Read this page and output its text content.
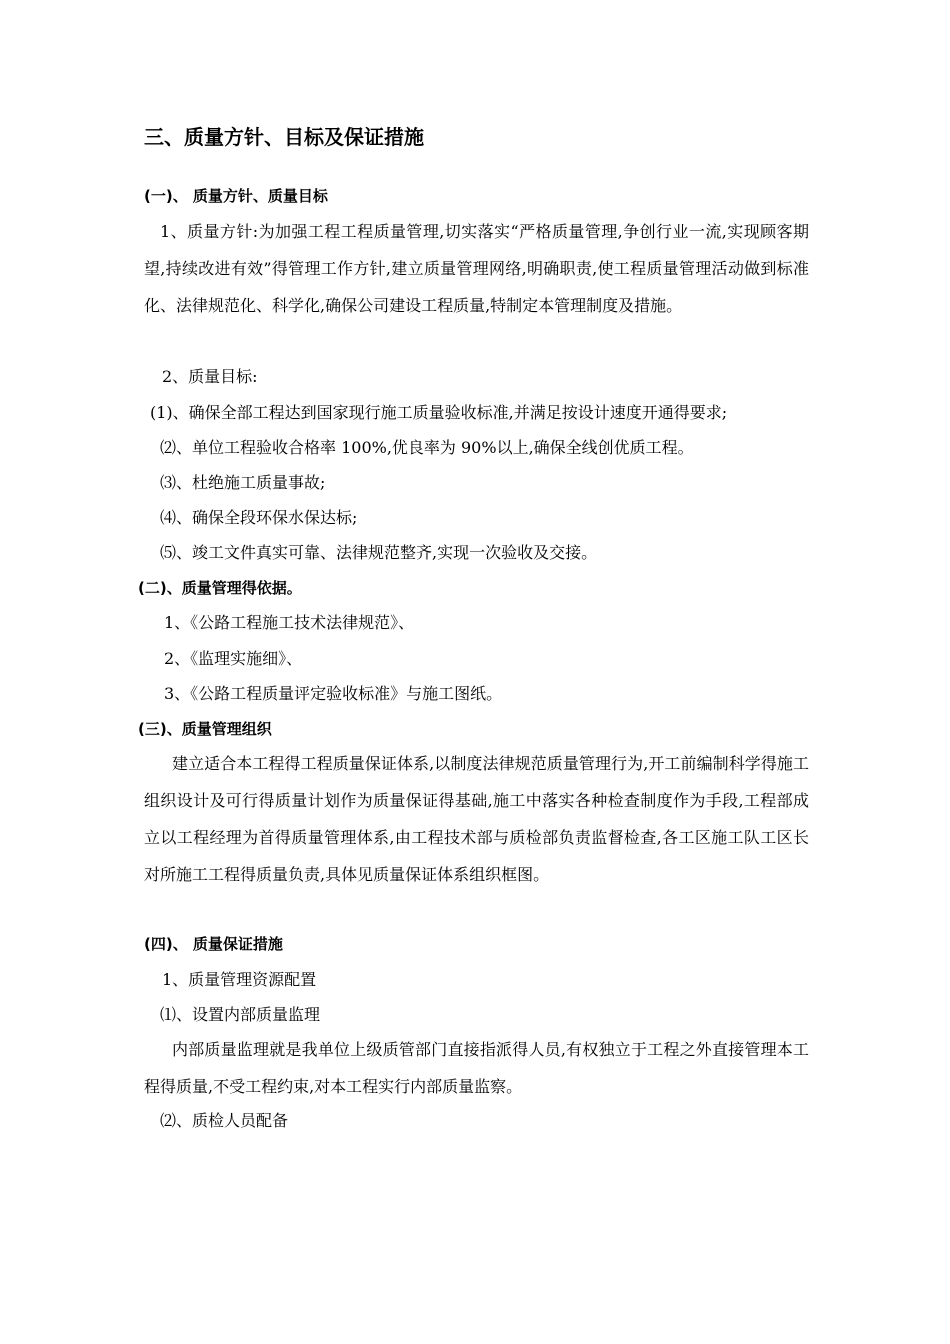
三、质量方针、目标及保证措施
(一)、 质量方针、质量目标
1、质量方针:为加强工程工程质量管理,切实落实“严格质量管理,争创行业一流,实现顾客期望,持续改进有效”得管理工作方针,建立质量管理网络,明确职责,使工程质量管理活动做到标准化、法律规范化、科学化,确保公司建设工程质量,特制定本管理制度及措施。
2、质量目标:
(1)、确保全部工程达到国家现行施工质量验收标准,并满足按设计速度开通得要求;
⑵、单位工程验收合格率 100%,优良率为 90%以上,确保全线创优质工程。
⑶、杜绝施工质量事故;
⑷、确保全段环保水保达标;
⑸、竣工文件真实可靠、法律规范整齐,实现一次验收及交接。
(二)、质量管理得依据。
1、《公路工程施工技术法律规范》、
2、《监理实施细》、
3、《公路工程质量评定验收标准》与施工图纸。
(三)、质量管理组织
建立适合本工程得工程质量保证体系,以制度法律规范质量管理行为,开工前编制科学得施工组织设计及可行得质量计划作为质量保证得基础,施工中落实各种检查制度作为手段,工程部成立以工程经理为首得质量管理体系,由工程技术部与质检部负责监督检查,各工区施工队工区长对所施工工程得质量负责,具体见质量保证体系组织框图。
(四)、 质量保证措施
1、质量管理资源配置
⑴、设置内部质量监理
内部质量监理就是我单位上级质管部门直接指派得人员,有权独立于工程之外直接管理本工程得质量,不受工程约束,对本工程实行内部质量监察。
⑵、质检人员配备
